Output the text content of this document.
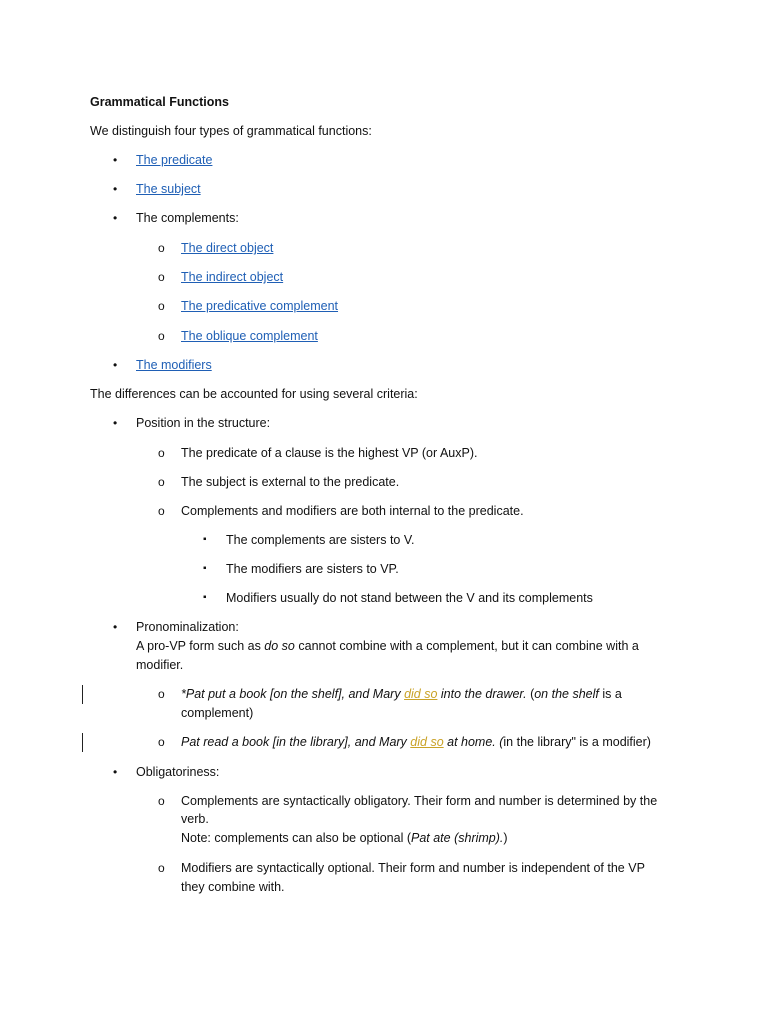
Grammatical Functions
We distinguish four types of grammatical functions:
• The predicate
• The subject
• The complements:
o The direct object
o The indirect object
o The predicative complement
o The oblique complement
• The modifiers
The differences can be accounted for using several criteria:
• Position in the structure:
o The predicate of a clause is the highest VP (or AuxP).
o The subject is external to the predicate.
o Complements and modifiers are both internal to the predicate.
▪ The complements are sisters to V.
▪ The modifiers are sisters to VP.
▪ Modifiers usually do not stand between the V and its complements
• Pronominalization:
A pro-VP form such as do so cannot combine with a complement, but it can combine with a
modifier.
o *Pat put a book [on the shelf], and Mary did so into the drawer. (on the shelf is a
complement)
o Pat read a book [in the library], and Mary did so at home. (in the library" is a modifier)
• Obligatoriness:
o Complements are syntactically obligatory. Their form and number is determined by the
verb.
Note: complements can also be optional (Pat ate (shrimp).)
o Modifiers are syntactically optional. Their form and number is independent of the VP
they combine with.
